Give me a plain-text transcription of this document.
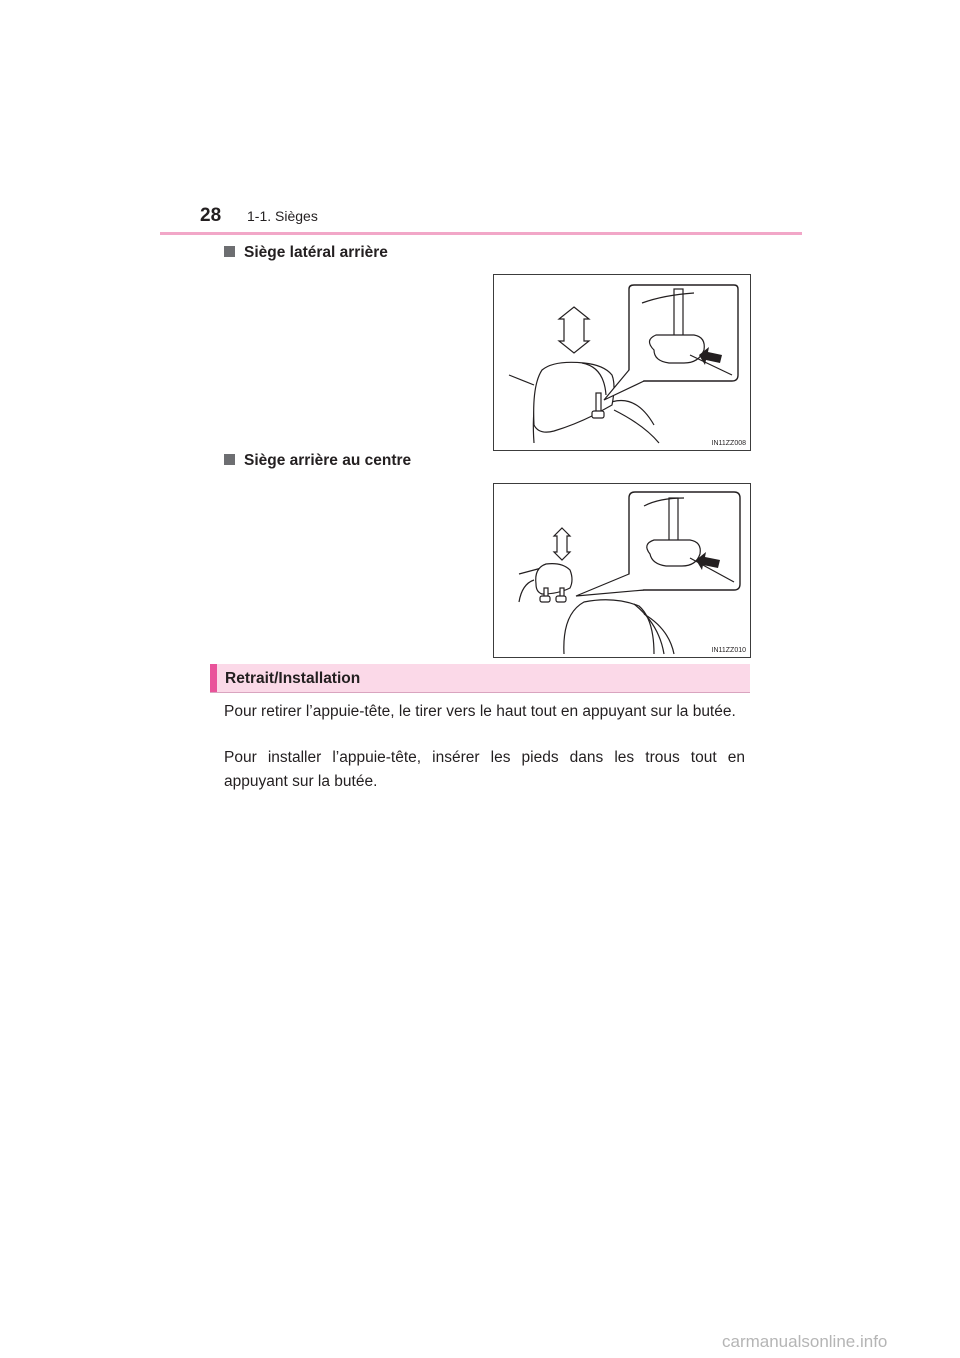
28 1-1. Sièges
Siège latéral arrière
IN11ZZ008
Siège arrière au centre
IN11ZZ010
Retrait/Installation
Pour retirer l’appuie-tête, le tirer vers le haut tout en appuyant sur la butée.
Pour installer l’appuie-tête, insérer les pieds dans les trous tout en appuyant sur la butée.
carmanualsonline.info
